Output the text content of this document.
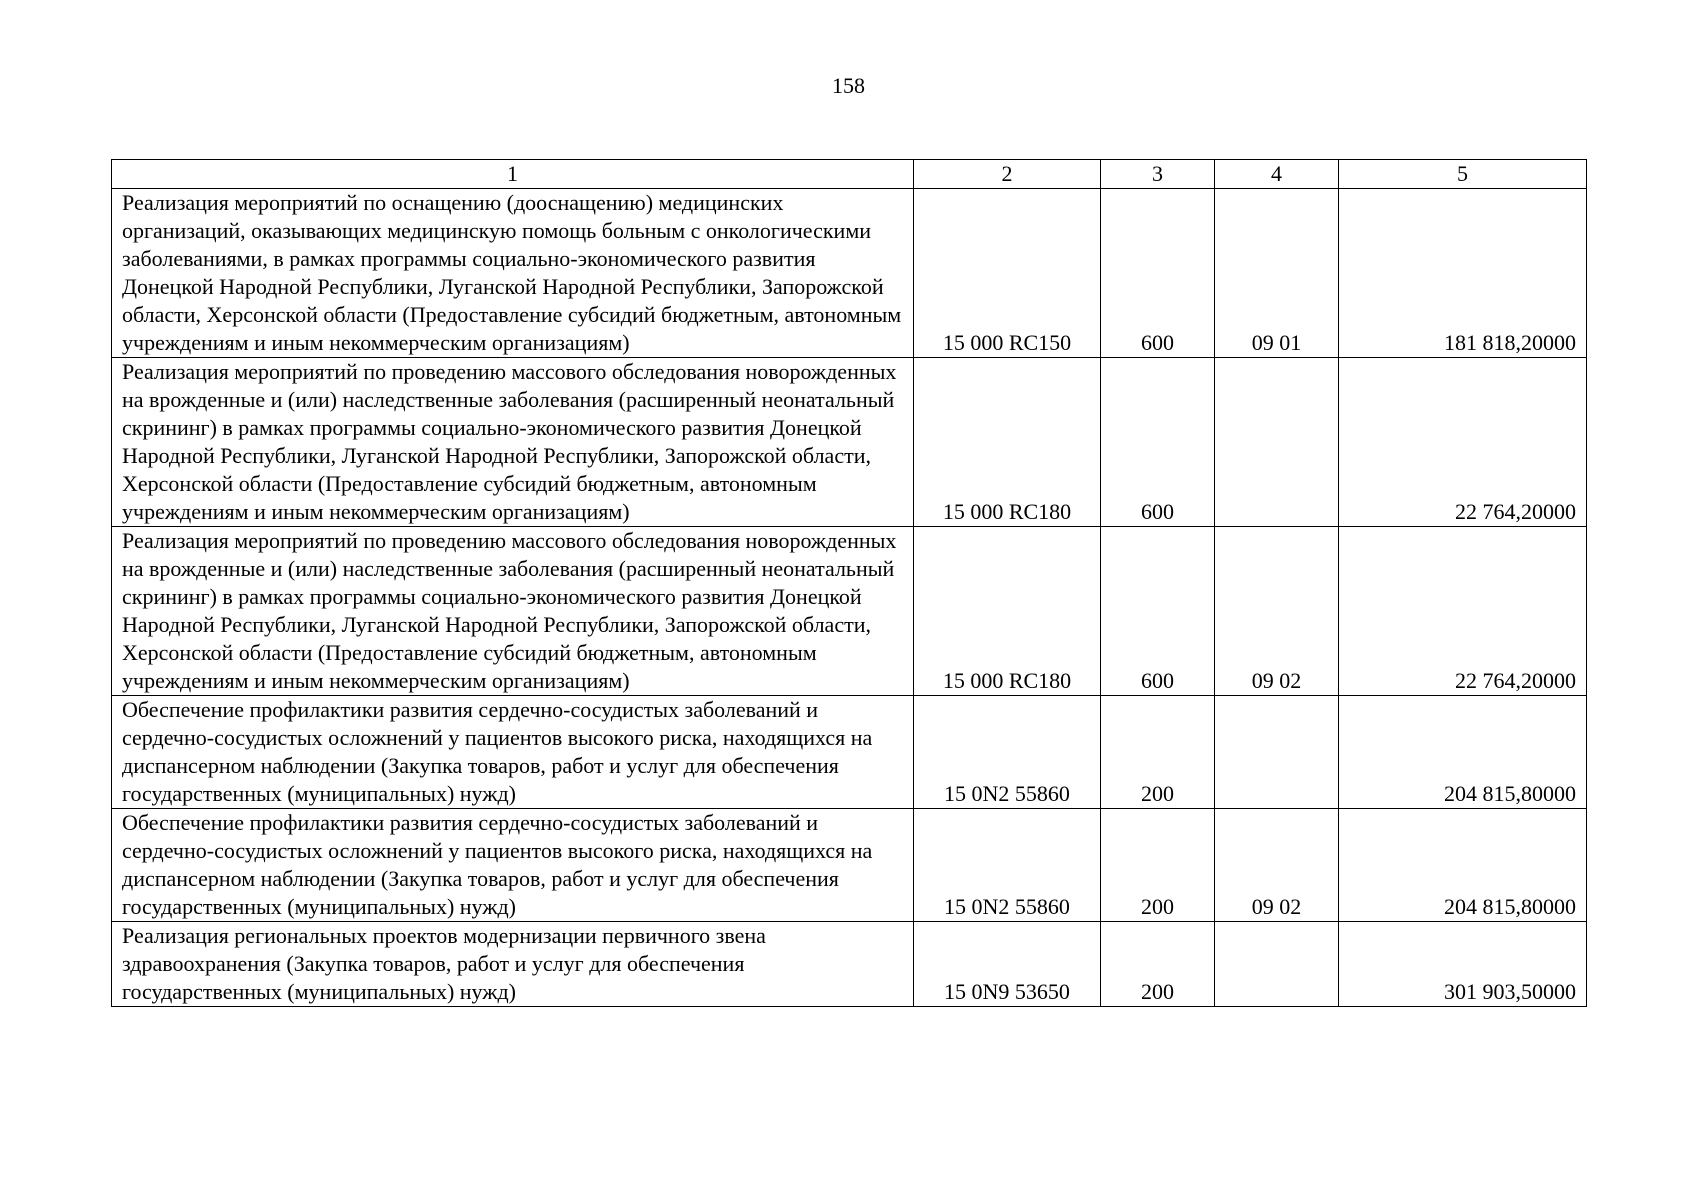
158
1	2	3	4	5
Реализация мероприятий по оснащению (дооснащению) медицинских организаций, оказывающих медицинскую помощь больным с онкологическими заболеваниями, в рамках программы социально-экономического развития Донецкой Народной Республики, Луганской Народной Республики, Запорожской области, Херсонской области (Предоставление субсидий бюджетным, автономным учреждениям и иным некоммерческим организациям)	15 000 RC150	600	09 01	181 818,20000
Реализация мероприятий по проведению массового обследования новорожденных на врожденные и (или) наследственные заболевания (расширенный неонатальный скрининг) в рамках программы социально-экономического развития Донецкой Народной Республики, Луганской Народной Республики, Запорожской области, Херсонской области (Предоставление субсидий бюджетным, автономным учреждениям и иным некоммерческим организациям)	15 000 RC180	600		22 764,20000
Реализация мероприятий по проведению массового обследования новорожденных на врожденные и (или) наследственные заболевания (расширенный неонатальный скрининг) в рамках программы социально-экономического развития Донецкой Народной Республики, Луганской Народной Республики, Запорожской области, Херсонской области (Предоставление субсидий бюджетным, автономным учреждениям и иным некоммерческим организациям)	15 000 RC180	600	09 02	22 764,20000
Обеспечение профилактики развития сердечно-сосудистых заболеваний и сердечно-сосудистых осложнений у пациентов высокого риска, находящихся на диспансерном наблюдении (Закупка товаров, работ и услуг для обеспечения государственных (муниципальных) нужд)	15 0N2 55860	200		204 815,80000
Обеспечение профилактики развития сердечно-сосудистых заболеваний и сердечно-сосудистых осложнений у пациентов высокого риска, находящихся на диспансерном наблюдении (Закупка товаров, работ и услуг для обеспечения государственных (муниципальных) нужд)	15 0N2 55860	200	09 02	204 815,80000
Реализация региональных проектов модернизации первичного звена здравоохранения (Закупка товаров, работ и услуг для обеспечения государственных (муниципальных) нужд)	15 0N9 53650	200		301 903,50000
